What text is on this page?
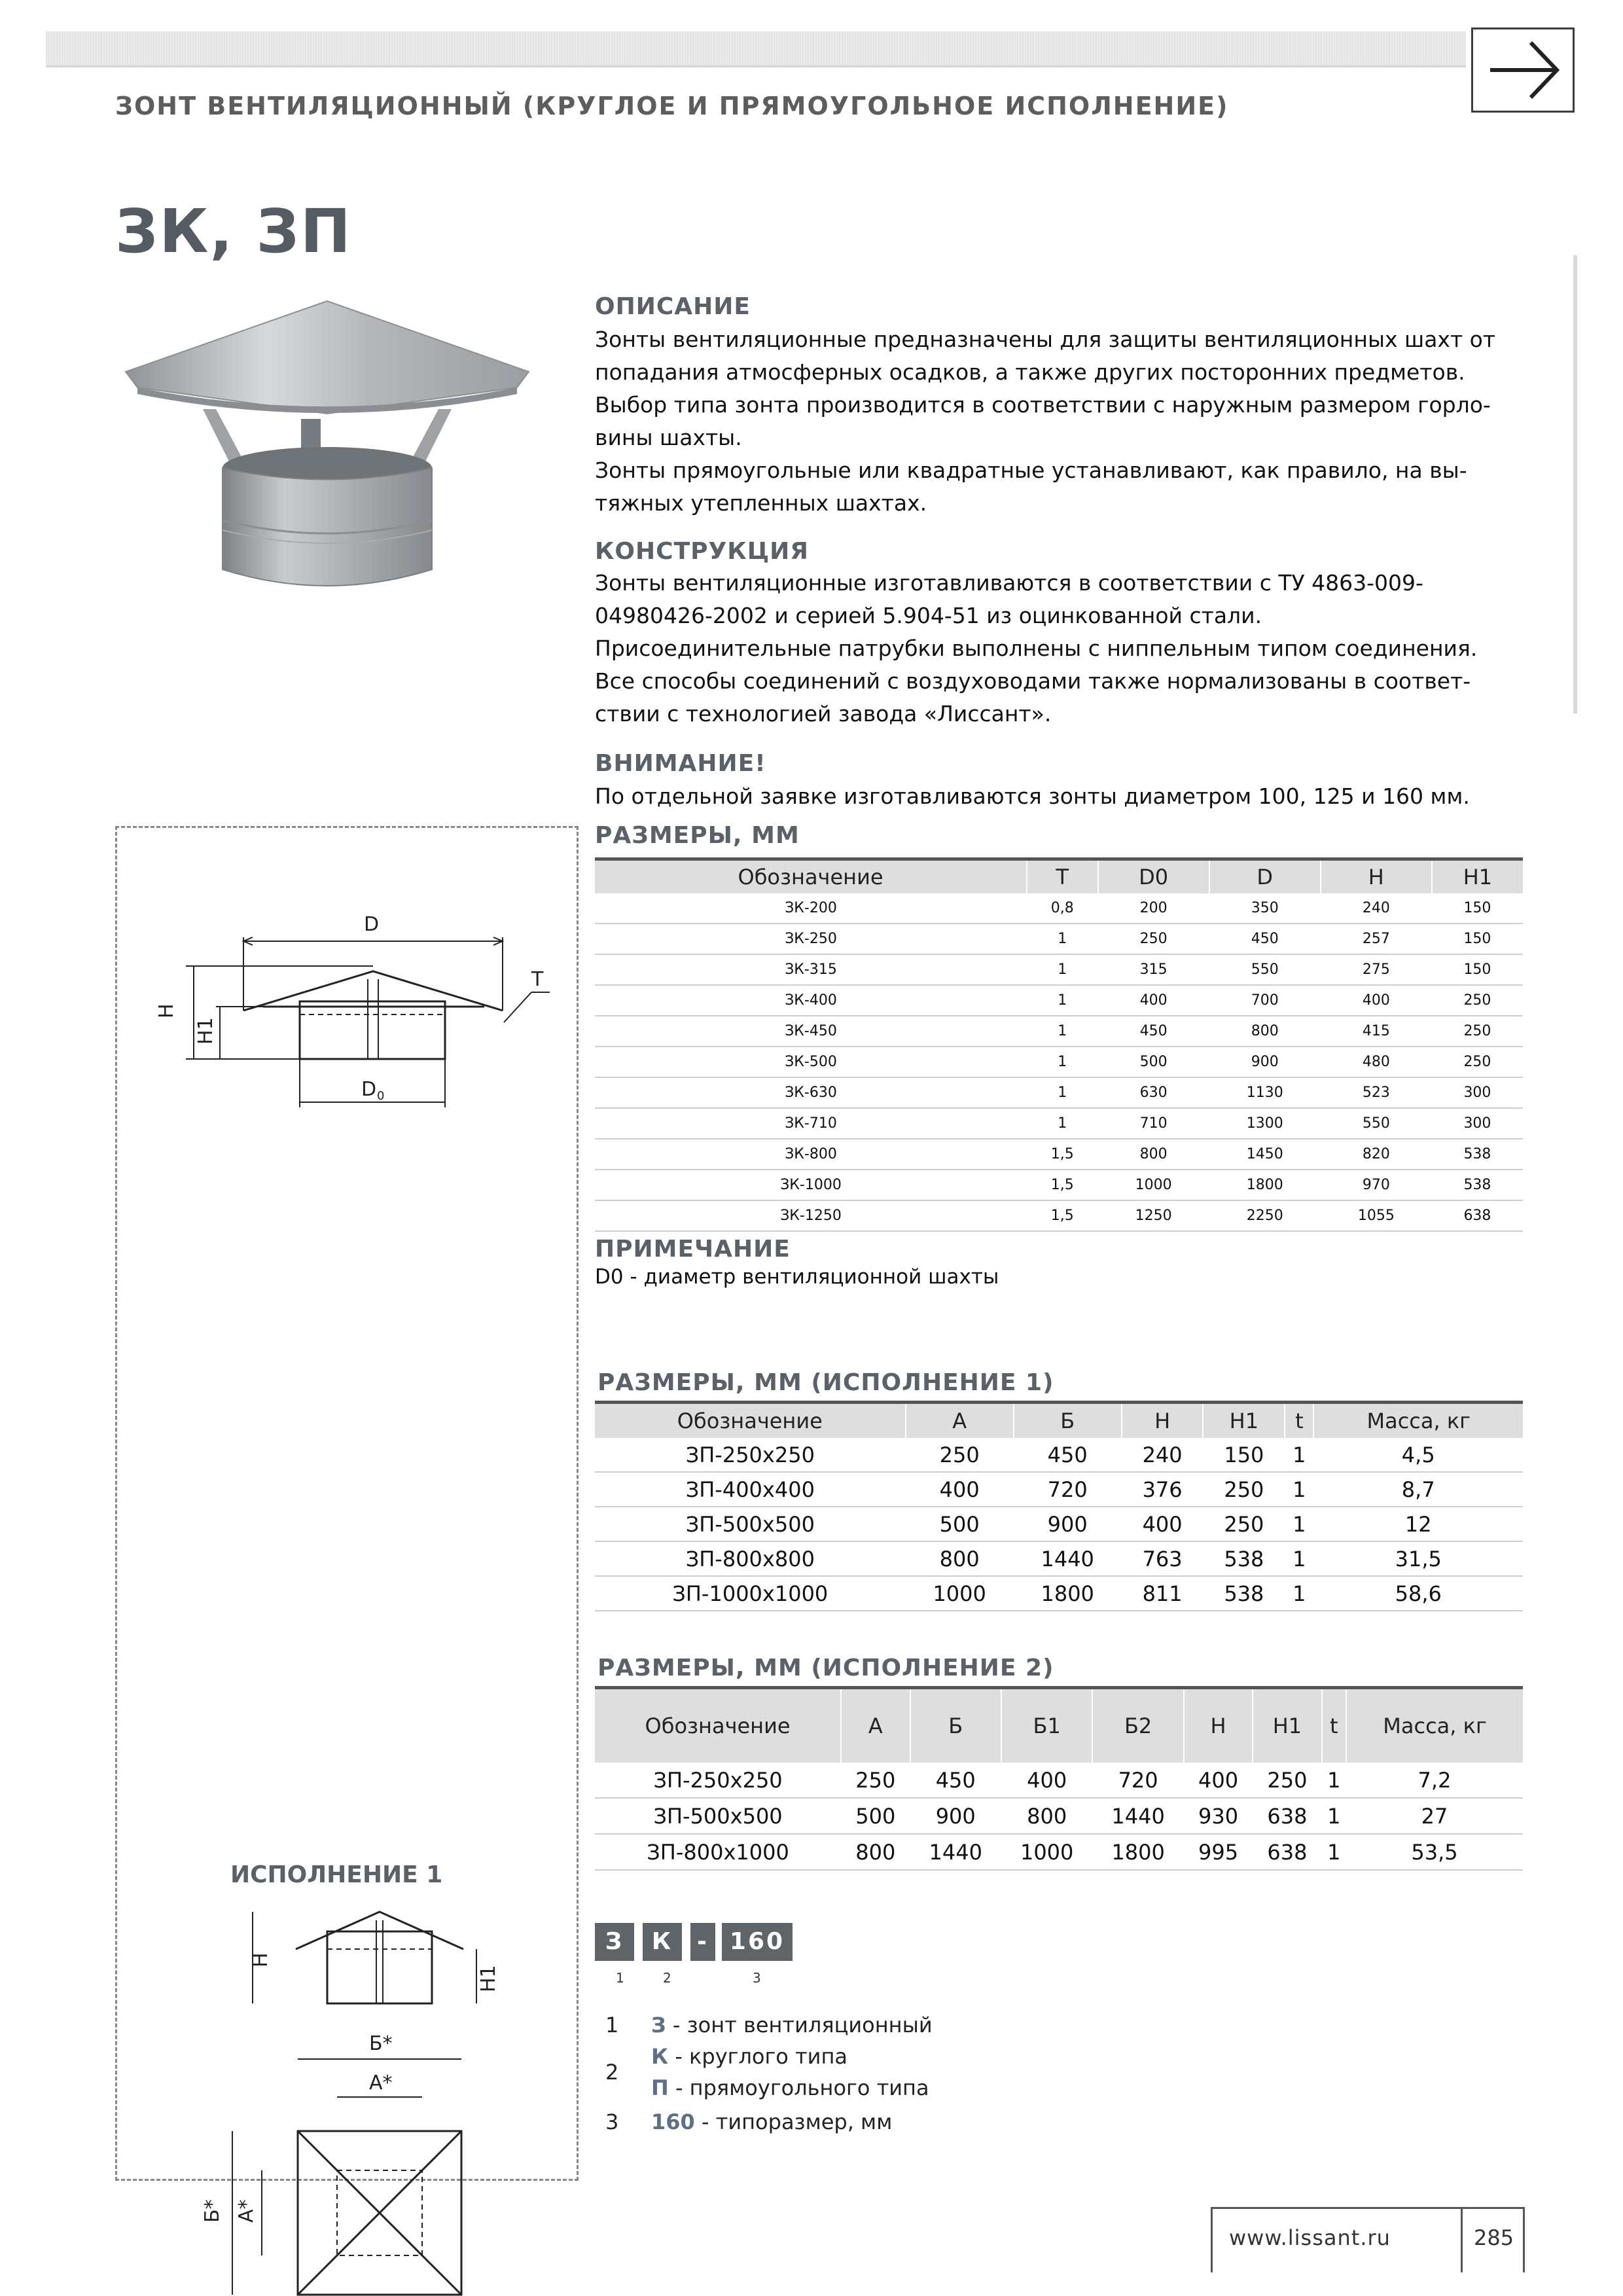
ЗОНТ ВЕНТИЛЯЦИОННЫЙ (КРУГЛОЕ И ПРЯМОУГОЛЬНОЕ ИСПОЛНЕНИЕ)
ЗК, ЗП
ОПИСАНИЕ
Зонты вентиляционные предназначены для защиты вентиляционных шахт от
попадания атмосферных осадков, а также других посторонних предметов.
Выбор типа зонта производится в соответствии с наружным размером горло-
вины шахты.
Зонты прямоугольные или квадратные устанавливают, как правило, на вы-
тяжных утепленных шахтах.
КОНСТРУКЦИЯ
Зонты вентиляционные изготавливаются в соответствии с ТУ 4863-009-
04980426-2002 и серией 5.904-51 из оцинкованной стали.
Присоединительные патрубки выполнены с ниппельным типом соединения.
Все способы соединений с воздуховодами также нормализованы в соответ-
ствии с технологией завода «Лиссант».
ВНИМАНИЕ!
По отдельной заявке изготавливаются зонты диаметром 100, 125 и 160 мм.
РАЗМЕРЫ, ММ
Обозначение	T	D0	D	H	H1
ЗК-200	0,8	200	350	240	150
ЗК-250	1	250	450	257	150
ЗК-315	1	315	550	275	150
ЗК-400	1	400	700	400	250
ЗК-450	1	450	800	415	250
ЗК-500	1	500	900	480	250
ЗК-630	1	630	1130	523	300
ЗК-710	1	710	1300	550	300
ЗК-800	1,5	800	1450	820	538
ЗК-1000	1,5	1000	1800	970	538
ЗК-1250	1,5	1250	2250	1055	638
ПРИМЕЧАНИЕ
D0 - диаметр вентиляционной шахты
РАЗМЕРЫ, ММ (ИСПОЛНЕНИЕ 1)
Обозначение	А	Б	Н	Н1	t	Масса, кг
ЗП-250х250	250	450	240	150	1	4,5
ЗП-400х400	400	720	376	250	1	8,7
ЗП-500х500	500	900	400	250	1	12
ЗП-800х800	800	1440	763	538	1	31,5
ЗП-1000х1000	1000	1800	811	538	1	58,6
РАЗМЕРЫ, ММ (ИСПОЛНЕНИЕ 2)
Обозначение	А	Б	Б1	Б2	Н	Н1	t	Масса, кг
ЗП-250х250	250	450	400	720	400	250	1	7,2
ЗП-500х500	500	900	800	1440	930	638	1	27
ЗП-800х1000	800	1440	1000	1800	995	638	1	53,5
З	К	- 160
1	2	3
1 З - зонт вентиляционный
2
К - круглого типа
П - прямоугольного типа
3 160 - типоразмер, мм
D
T
H
H1
D 0
ИСПОЛНЕНИЕ 1
H
H1
Б*
А*
Б* А*
www.lissant.ru	285
